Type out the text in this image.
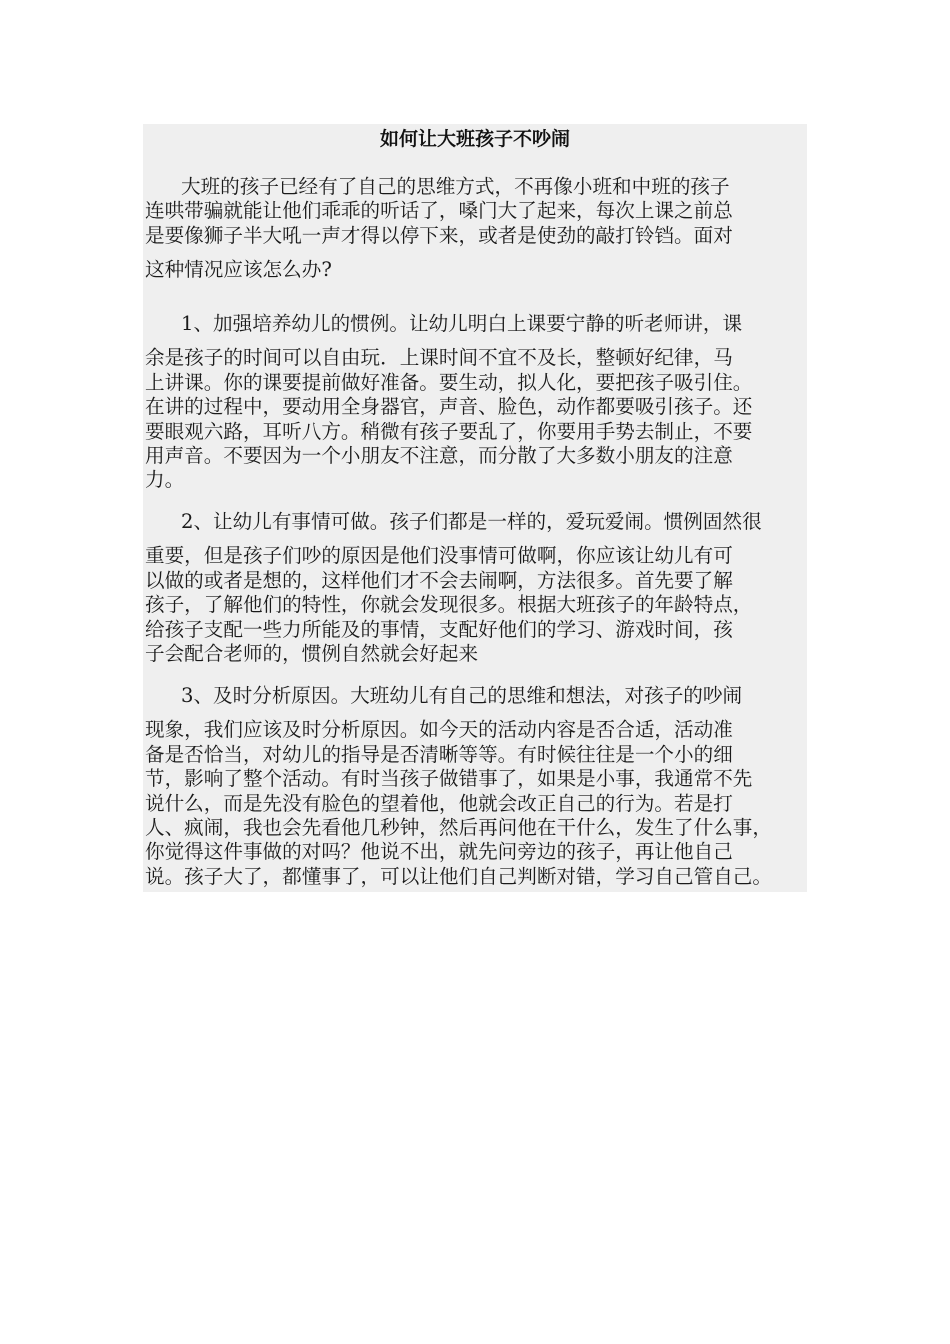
如何让大班孩子不吵闹
大班的孩子已经有了自己的思维方式，不再像小班和中班的孩子
连哄带骗就能让他们乖乖的听话了，嗓门大了起来，每次上课之前总
是要像狮子半大吼一声才得以停下来，或者是使劲的敲打铃铛。面对
这种情况应该怎么办?
1、加强培养幼儿的惯例。让幼儿明白上课要宁静的听老师讲，课
余是孩子的时间可以自由玩．上课时间不宜不及长，整顿好纪律，马
上讲课。你的课要提前做好准备。要生动，拟人化，要把孩子吸引住。
在讲的过程中，要动用全身器官，声音、脸色，动作都要吸引孩子。还
要眼观六路，耳听八方。稍微有孩子要乱了，你要用手势去制止，不要
用声音。不要因为一个小朋友不注意，而分散了大多数小朋友的注意
力。
2、让幼儿有事情可做。孩子们都是一样的，爱玩爱闹。惯例固然很
重要，但是孩子们吵的原因是他们没事情可做啊，你应该让幼儿有可
以做的或者是想的，这样他们才不会去闹啊，方法很多。首先要了解
孩子，了解他们的特性，你就会发现很多。根据大班孩子的年龄特点，
给孩子支配一些力所能及的事情，支配好他们的学习、游戏时间，孩
子会配合老师的，惯例自然就会好起来
3、及时分析原因。大班幼儿有自己的思维和想法，对孩子的吵闹
现象，我们应该及时分析原因。如今天的活动内容是否合适，活动准
备是否恰当，对幼儿的指导是否清晰等等。有时候往往是一个小的细
节，影响了整个活动。有时当孩子做错事了，如果是小事，我通常不先
说什么，而是先没有脸色的望着他，他就会改正自己的行为。若是打
人、疯闹，我也会先看他几秒钟，然后再问他在干什么，发生了什么事，
你觉得这件事做的对吗？他说不出，就先问旁边的孩子，再让他自己
说。孩子大了，都懂事了，可以让他们自己判断对错，学习自己管自己。
